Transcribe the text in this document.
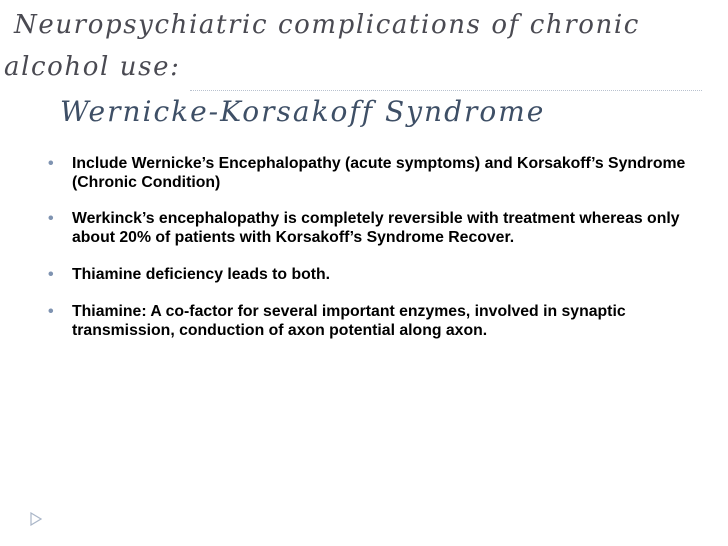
Neuropsychiatric complications of chronic
alcohol use:
Wernicke-Korsakoff Syndrome
•	Include Wernicke’s Encephalopathy (acute symptoms) and Korsakoff’s Syndrome (Chronic Condition)
•	Werkinck’s encephalopathy is completely reversible with treatment whereas only about 20% of patients with Korsakoff’s Syndrome Recover.
•	Thiamine deficiency leads to both.
•	Thiamine: A co-factor for several important enzymes, involved in synaptic transmission, conduction of axon potential along axon.
